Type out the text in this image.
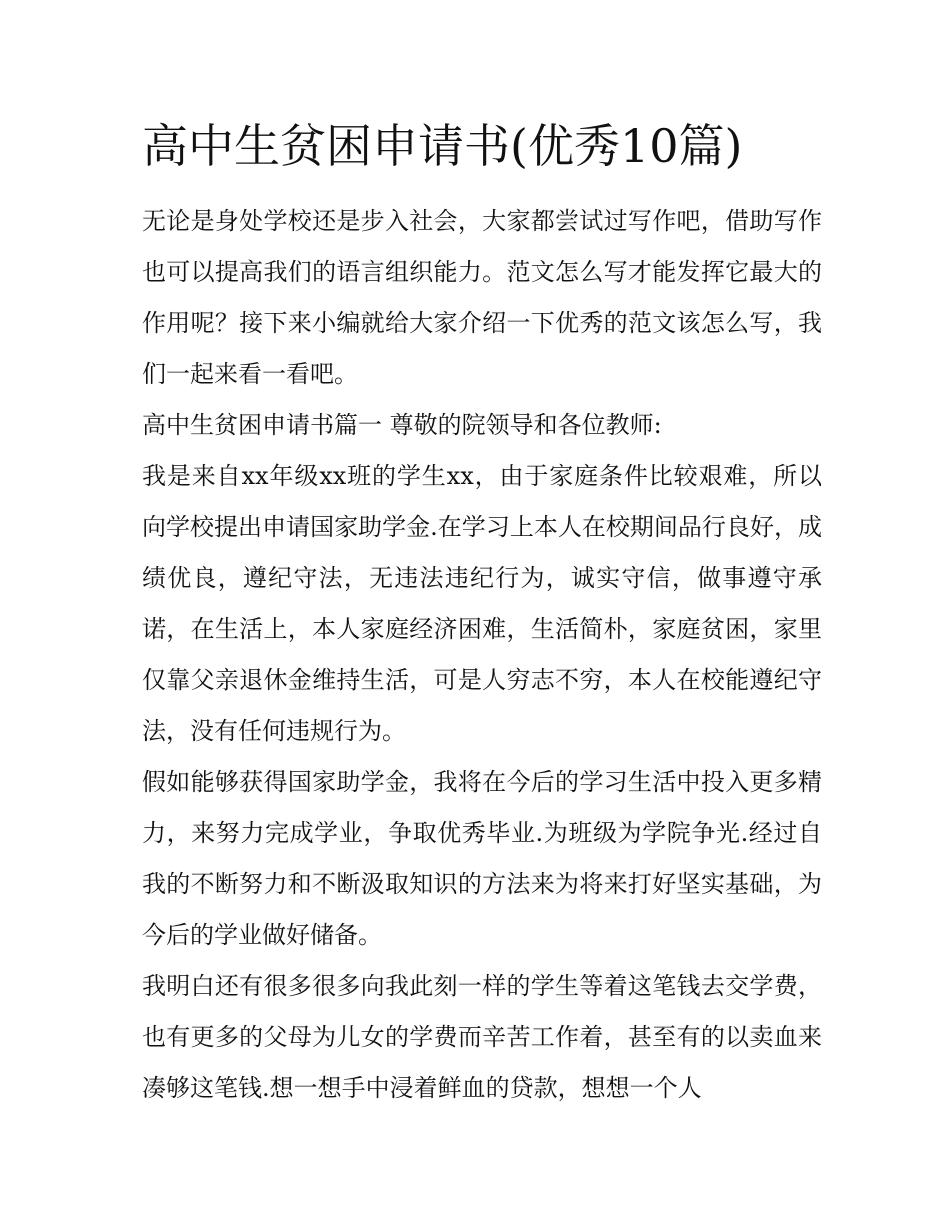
高中生贫困申请书(优秀10篇)

无论是身处学校还是步入社会，大家都尝试过写作吧，借助写作也可以提高我们的语言组织能力。范文怎么写才能发挥它最大的作用呢？接下来小编就给大家介绍一下优秀的范文该怎么写，我们一起来看一看吧。

高中生贫困申请书篇一 尊敬的院领导和各位教师:

我是来自xx年级xx班的学生xx，由于家庭条件比较艰难，所以向学校提出申请国家助学金.在学习上本人在校期间品行良好，成绩优良，遵纪守法，无违法违纪行为，诚实守信，做事遵守承诺，在生活上，本人家庭经济困难，生活简朴，家庭贫困，家里仅靠父亲退休金维持生活，可是人穷志不穷，本人在校能遵纪守法，没有任何违规行为。

假如能够获得国家助学金，我将在今后的学习生活中投入更多精力，来努力完成学业，争取优秀毕业.为班级为学院争光.经过自我的不断努力和不断汲取知识的方法来为将来打好坚实基础，为今后的学业做好储备。

我明白还有很多很多向我此刻一样的学生等着这笔钱去交学费，也有更多的父母为儿女的学费而辛苦工作着，甚至有的以卖血来凑够这笔钱.想一想手中浸着鲜血的贷款，想想一个人
